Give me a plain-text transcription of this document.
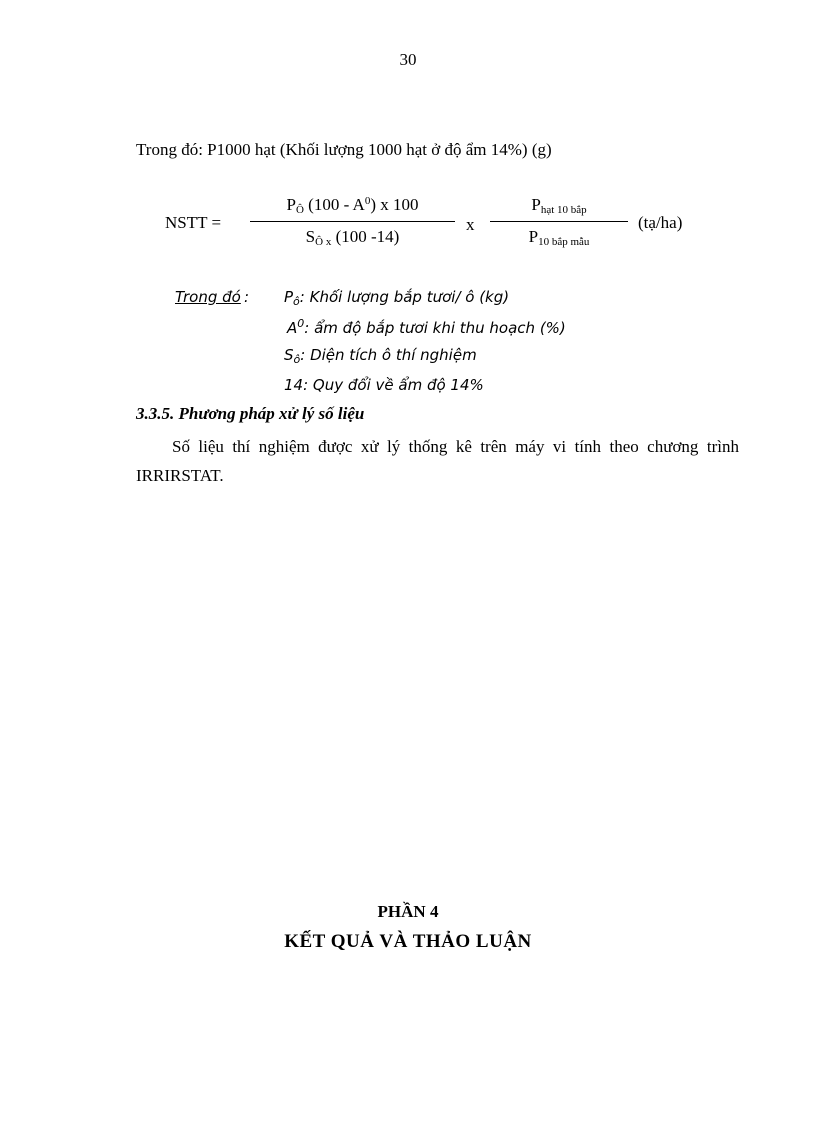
30
Trong đó: P1000 hạt (Khối lượng 1000 hạt ở độ ẩm 14%) (g)
NSTT =
$P_Ô$ $(100 - A^0)$ x 100
$S_{Ô x}$ (100 -14)
x
$P_{hạt 10 bắp}$
$P_{10 bắp mẫu}$
(tạ/ha)
Trong đó : $P_ô$: Khối lượng bắp tươi/ ô (kg)
$A^0$: ẩm độ bắp tươi khi thu hoạch (%)
$S_ô$: Diện tích ô thí nghiệm
14: Quy đổi về ẩm độ 14%
3.3.5. Phương pháp xử lý số liệu
Số liệu thí nghiệm được xử lý thống kê trên máy vi tính theo chương trình IRRIRSTAT.
PHẦN 4
KẾT QUẢ VÀ THẢO LUẬN
